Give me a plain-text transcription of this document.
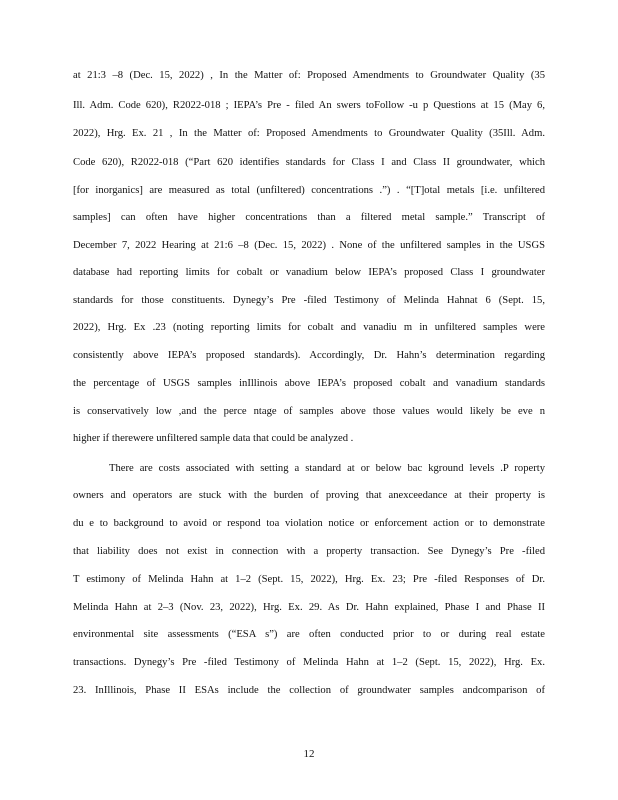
at 21:3 –8 (Dec. 15, 2022) , In the Matter of: Proposed Amendments to Groundwater Quality (35
Ill. Adm. Code 620), R2022-018 ; IEPA’s Pre - filed An swers toFollow -u p Questions at 15 (May 6,
2022), Hrg. Ex. 21 , In the Matter of: Proposed Amendments to Groundwater Quality (35Ill. Adm.
Code 620), R2022-018 (“Part 620 identifies standards for Class I and Class II groundwater, which
[for inorganics] are measured as total (unfiltered) concentrations .”) . “[T]otal metals [i.e. unfiltered
samples] can often have higher concentrations than a filtered metal sample.” Transcript of
December 7, 2022 Hearing at 21:6 –8 (Dec. 15, 2022) . None of the unfiltered samples in the USGS
database had reporting limits for cobalt or vanadium below IEPA’s proposed Class I groundwater
standards for those constituents. Dynegy’s Pre -filed Testimony of Melinda Hahnat 6 (Sept. 15,
2022), Hrg. Ex .23 (noting reporting limits for cobalt and vanadiu m in unfiltered samples were
consistently above IEPA’s proposed standards). Accordingly, Dr. Hahn’s determination regarding
the percentage of USGS samples inIllinois above IEPA’s proposed cobalt and vanadium standards
is conservatively low ,and the perce ntage of samples above those values would likely be eve n
higher if therewere unfiltered sample data that could be analyzed .
There are costs associated with setting a standard at or below bac kground levels .P roperty
owners and operators are stuck with the burden of proving that anexceedance at their property is
du e to background to avoid or respond toa violation notice or enforcement action or to demonstrate
that liability does not exist in connection with a property transaction. See Dynegy’s Pre -filed
T estimony of Melinda Hahn at 1–2 (Sept. 15, 2022), Hrg. Ex. 23; Pre -filed Responses of Dr.
Melinda Hahn at 2–3 (Nov. 23, 2022), Hrg. Ex. 29. As Dr. Hahn explained, Phase I and Phase II
environmental site assessments (“ESA s”) are often conducted prior to or during real estate
transactions. Dynegy’s Pre -filed Testimony of Melinda Hahn at 1–2 (Sept. 15, 2022), Hrg. Ex.
23. InIllinois, Phase II ESAs include the collection of groundwater samples andcomparison of
12
